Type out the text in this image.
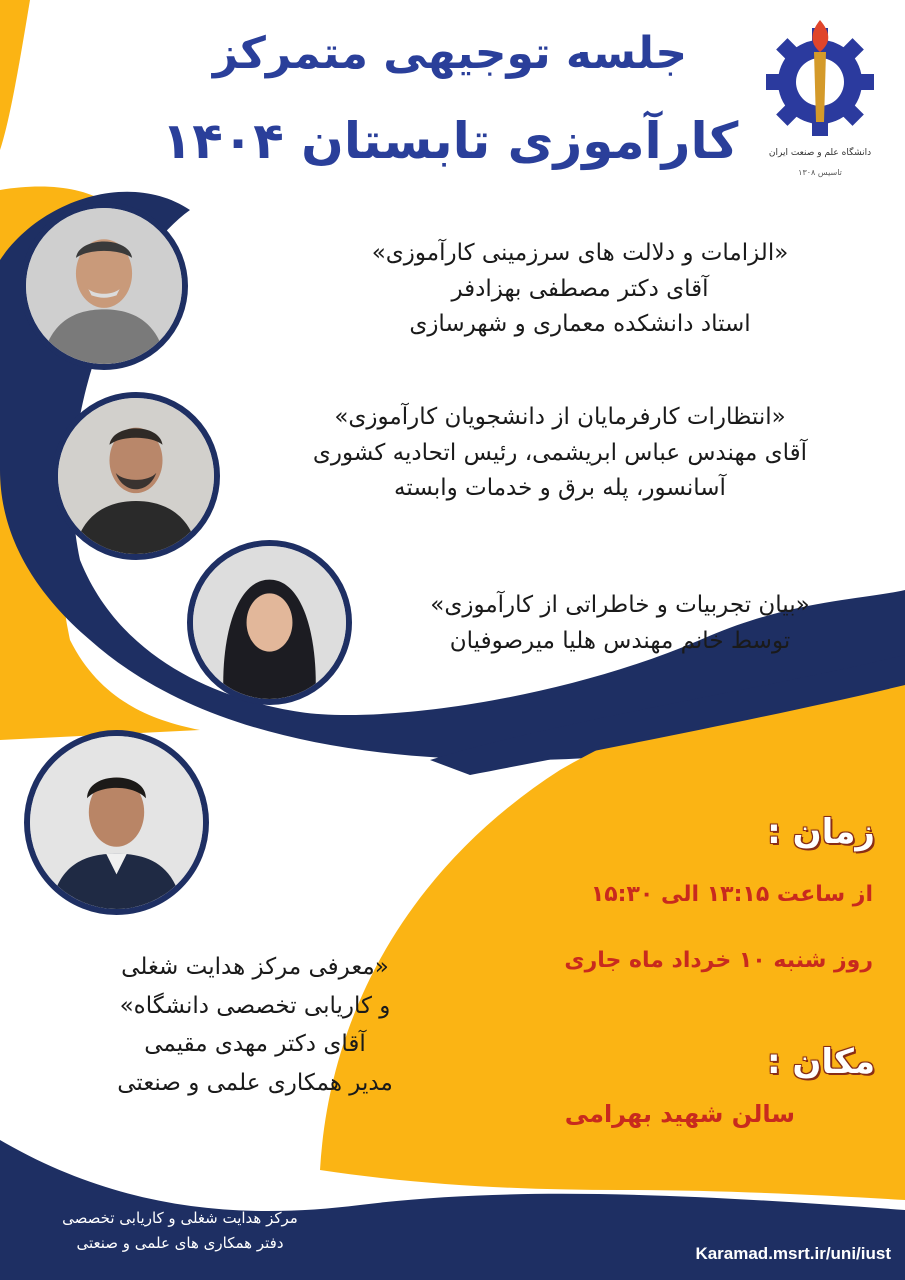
جلسه توجیهی متمرکز
کارآموزی تابستان ۱۴۰۴	دانشگاه علم و صنعت ایران
تاسیس ۱۳۰۸
«الزامات و دلالت های سرزمینی کارآموزی»
آقای دکتر مصطفی بهزادفر
استاد دانشکده معماری و شهرسازی
«انتظارات کارفرمایان از دانشجویان کارآموزی»
آقای مهندس عباس ابریشمی، رئیس اتحادیه کشوری
آسانسور، پله برق و خدمات وابسته
«بیان تجربیات و خاطراتی از کارآموزی»
توسط خانم مهندس هلیا میرصوفیان
«معرفی مرکز هدایت شغلی
و کاریابی تخصصی دانشگاه»
آقای دکتر مهدی مقیمی
مدیر همکاری علمی و صنعتی
زمان :
از ساعت ۱۳:۱۵ الی ۱۵:۳۰
روز شنبه ۱۰ خرداد ماه جاری
مکان :
سالن شهید بهرامی
مرکز هدایت شغلی و کاریابی تخصصی
دفتر همکاری های علمی و صنعتی
Karamad.msrt.ir/uni/iust
